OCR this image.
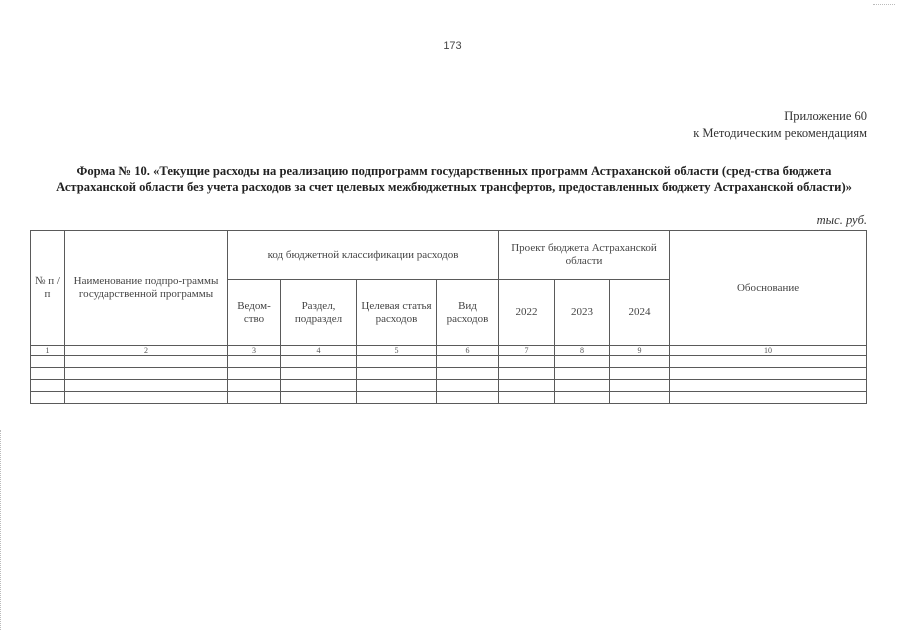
173
Приложение 60
к Методическим рекомендациям
Форма № 10. «Текущие расходы на реализацию подпрограмм государственных программ Астраханской области (сред-ства бюджета Астраханской области без учета расходов за счет целевых межбюджетных трансфертов, предоставленных бюджету Астраханской области)»
тыс. руб.
№ п /п	Наименование подпро-граммы государственной программы	код бюджетной классификации расходов				Проект бюджета Астраханской области			Обоснование
		Ведом-ство	Раздел, подраздел	Целевая статья расходов	Вид расходов	2022	2023	2024	
1	2	3	4	5	6	7	8	9	10
